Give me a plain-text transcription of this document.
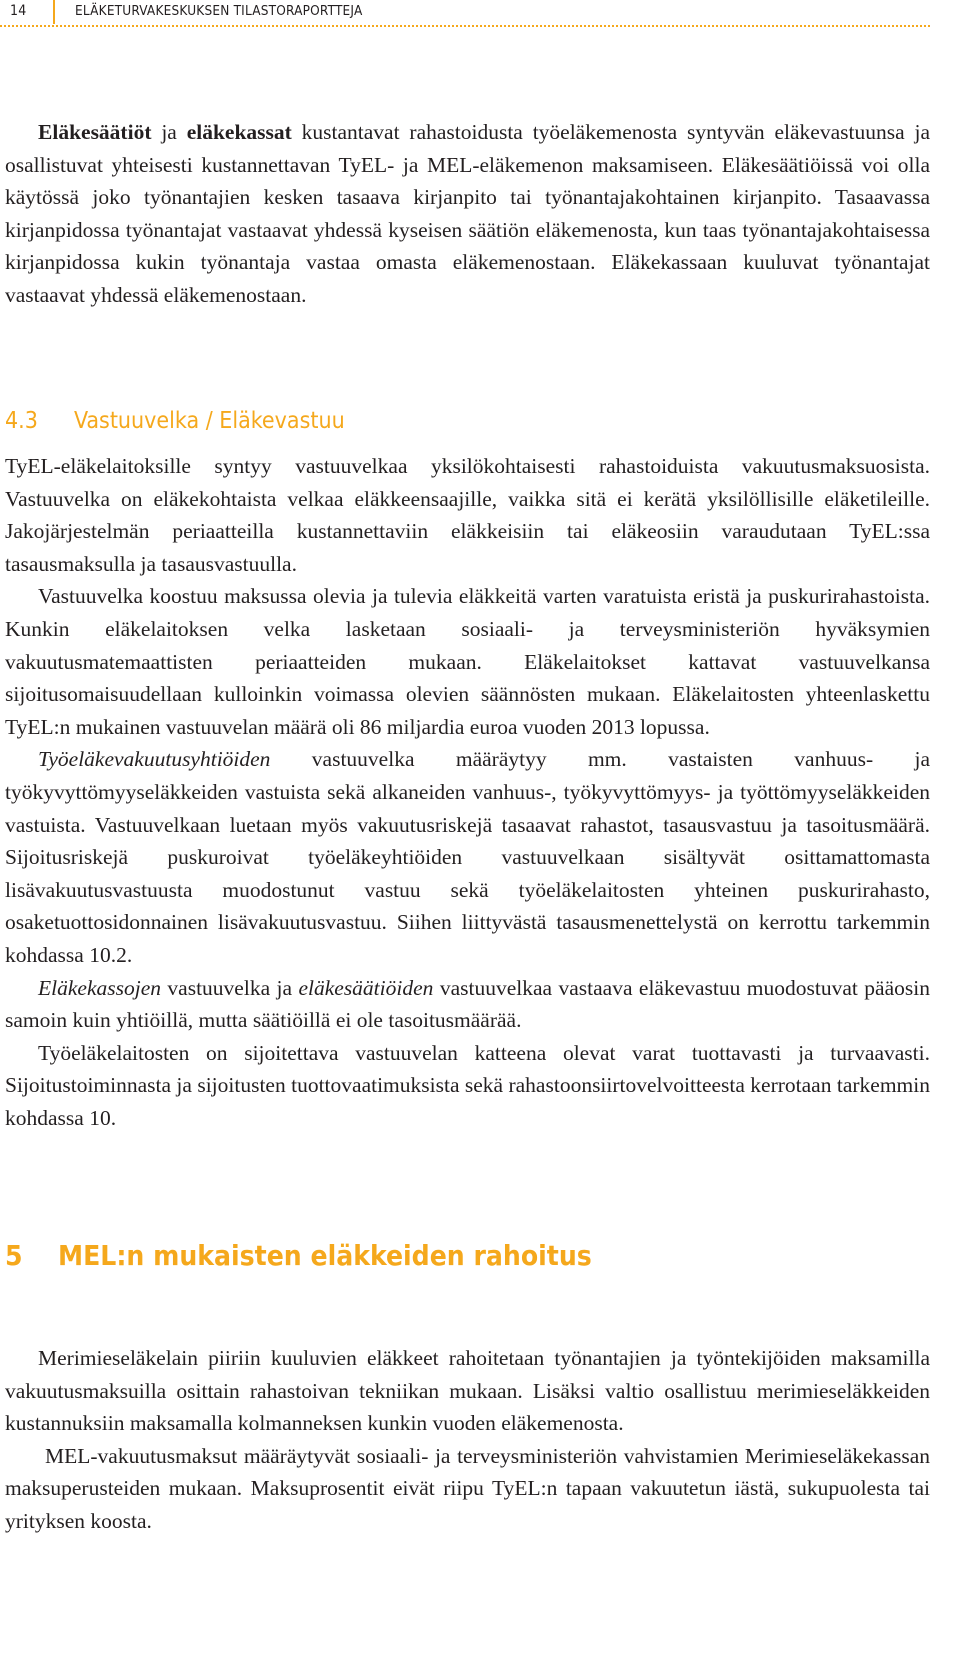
14	ELÄKETURVAKESKUKSEN TILASTORAPORTTEJA

Eläkesäätiöt ja eläkekassat kustantavat rahastoidusta työeläkemenosta syntyvän eläkevastuunsa ja osallistuvat yhteisesti kustannettavan TyEL- ja MEL-eläkemenon maksamiseen. Eläkesäätiöissä voi olla käytössä joko työnantajien kesken tasaava kirjanpito tai työnantajakohtainen kirjanpito. Tasaavassa kirjanpidossa työnantajat vastaavat yhdessä kyseisen säätiön eläkemenosta, kun taas työnantajakohtaisessa kirjanpidossa kukin työnantaja vastaa omasta eläkemenostaan. Eläkekassaan kuuluvat työnantajat vastaavat yhdessä eläkemenostaan.

4.3 Vastuuvelka / Eläkevastuu

TyEL-eläkelaitoksille syntyy vastuuvelkaa yksilökohtaisesti rahastoiduista vakuutusmaksuosista. Vastuuvelka on eläkekohtaista velkaa eläkkeensaajille, vaikka sitä ei kerätä yksilöllisille eläketileille. Jakojärjestelmän periaatteilla kustannettaviin eläkkeisiin tai eläkeosiin varaudutaan TyEL:ssa tasausmaksulla ja tasausvastuulla.

Vastuuvelka koostuu maksussa olevia ja tulevia eläkkeitä varten varatuista eristä ja puskurirahastoista. Kunkin eläkelaitoksen velka lasketaan sosiaali- ja terveysministeriön hyväksymien vakuutusmatemaattisten periaatteiden mukaan. Eläkelaitokset kattavat vastuuvelkansa sijoitusomaisuudellaan kulloinkin voimassa olevien säännösten mukaan. Eläkelaitosten yhteenlaskettu TyEL:n mukainen vastuuvelan määrä oli 86 miljardia euroa vuoden 2013 lopussa.

Työeläkevakuutusyhtiöiden vastuuvelka määräytyy mm. vastaisten vanhuus- ja työkyvyttömyyseläkkeiden vastuista sekä alkaneiden vanhuus-, työkyvyttömyys- ja työttömyyseläkkeiden vastuista. Vastuuvelkaan luetaan myös vakuutusriskejä tasaavat rahastot, tasausvastuu ja tasoitusmäärä. Sijoitusriskejä puskuroivat työeläkeyhtiöiden vastuuvelkaan sisältyvät osittamattomasta lisävakuutusvastuusta muodostunut vastuu sekä työeläkelaitosten yhteinen puskurirahasto, osaketuottosidonnainen lisävakuutusvastuu. Siihen liittyvästä tasausmenettelystä on kerrottu tarkemmin kohdassa 10.2.

Eläkekassojen vastuuvelka ja eläkesäätiöiden vastuuvelkaa vastaava eläkevastuu muodostuvat pääosin samoin kuin yhtiöillä, mutta säätiöillä ei ole tasoitusmäärää.

Työeläkelaitosten on sijoitettava vastuuvelan katteena olevat varat tuottavasti ja turvaavasti. Sijoitustoiminnasta ja sijoitusten tuottovaatimuksista sekä rahastoonsiirtovelvoitteesta kerrotaan tarkemmin kohdassa 10.

5 MEL:n mukaisten eläkkeiden rahoitus

Merimieseläkelain piiriin kuuluvien eläkkeet rahoitetaan työnantajien ja työntekijöiden maksamilla vakuutusmaksuilla osittain rahastoivan tekniikan mukaan. Lisäksi valtio osallistuu merimieseläkkeiden kustannuksiin maksamalla kolmanneksen kunkin vuoden eläkemenosta.

MEL-vakuutusmaksut määräytyvät sosiaali- ja terveysministeriön vahvistamien Merimieseläkekassan maksuperusteiden mukaan. Maksuprosentit eivät riipu TyEL:n tapaan vakuutetun iästä, sukupuolesta tai yrityksen koosta.
